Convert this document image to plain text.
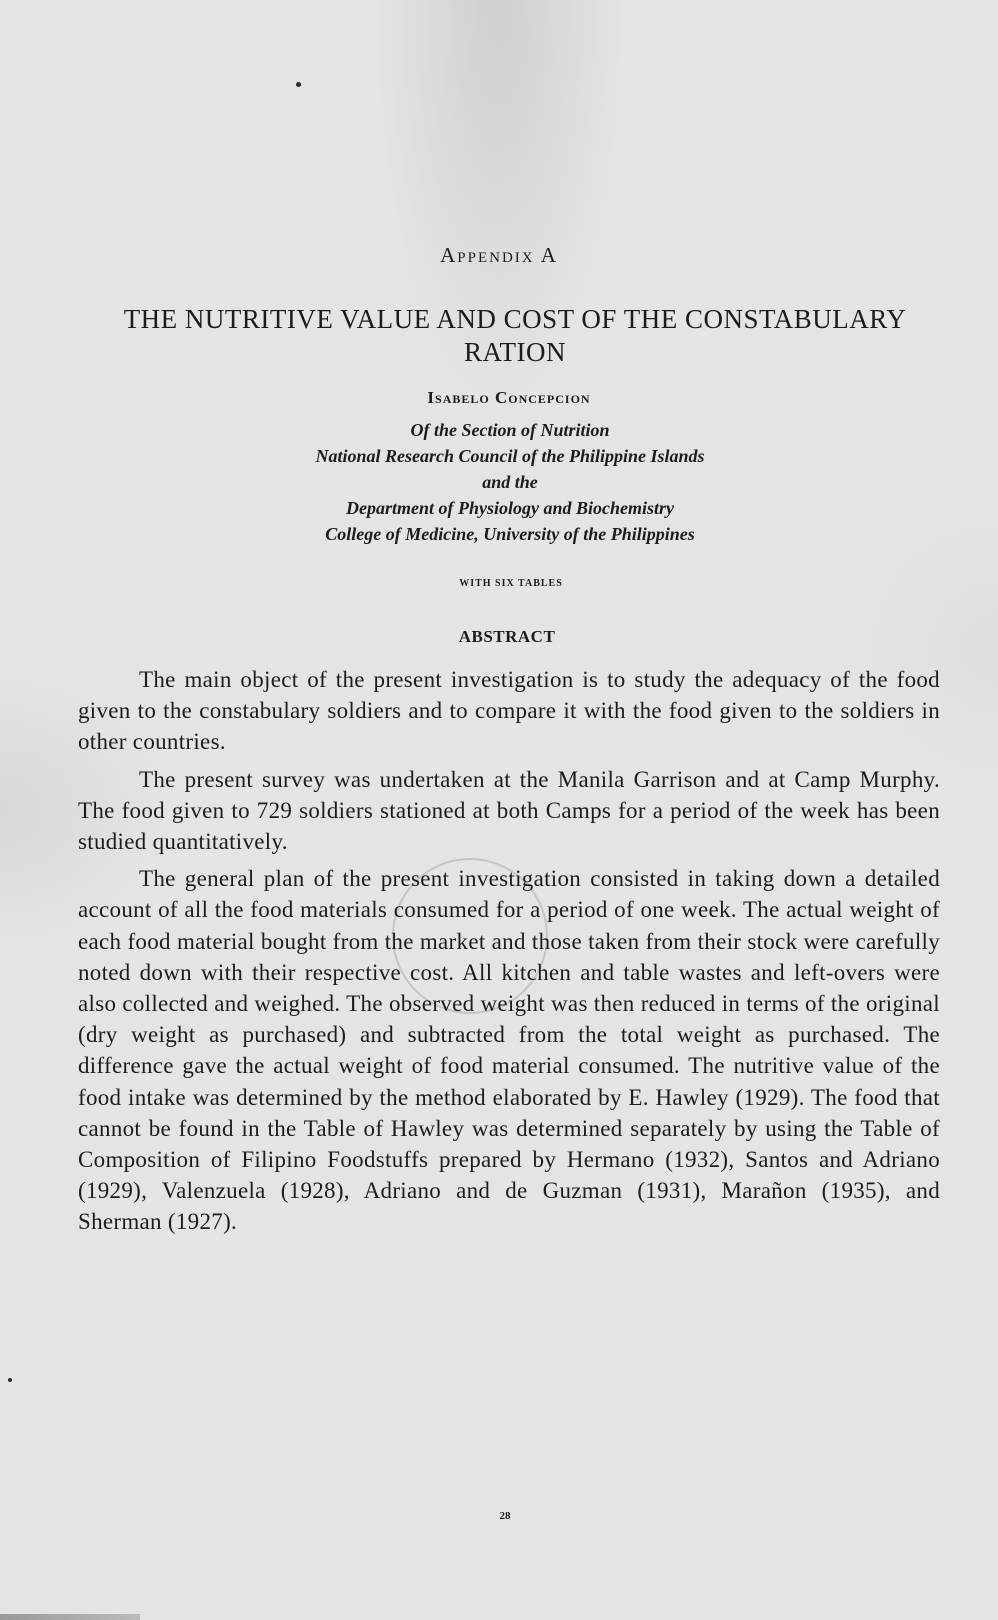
Appendix A
THE NUTRITIVE VALUE AND COST OF THE CONSTABULARY RATION
Isabelo Concepcion
Of the Section of Nutrition
National Research Council of the Philippine Islands
and the
Department of Physiology and Biochemistry
College of Medicine, University of the Philippines
WITH SIX TABLES
ABSTRACT

The main object of the present investigation is to study the adequacy of the food given to the constabulary soldiers and to compare it with the food given to the soldiers in other countries.

The present survey was undertaken at the Manila Garrison and at Camp Murphy. The food given to 729 soldiers stationed at both Camps for a period of the week has been studied quantitatively.

The general plan of the present investigation consisted in taking down a detailed account of all the food materials consumed for a period of one week. The actual weight of each food material bought from the market and those taken from their stock were carefully noted down with their respective cost. All kitchen and table wastes and left-overs were also collected and weighed. The observed weight was then reduced in terms of the original (dry weight as purchased) and subtracted from the total weight as purchased. The difference gave the actual weight of food material consumed. The nutritive value of the food intake was determined by the method elaborated by E. Hawley (1929). The food that cannot be found in the Table of Hawley was determined separately by using the Table of Composition of Filipino Foodstuffs prepared by Hermano (1932), Santos and Adriano (1929), Valenzuela (1928), Adriano and de Guzman (1931), Marañon (1935), and Sherman (1927).

28
